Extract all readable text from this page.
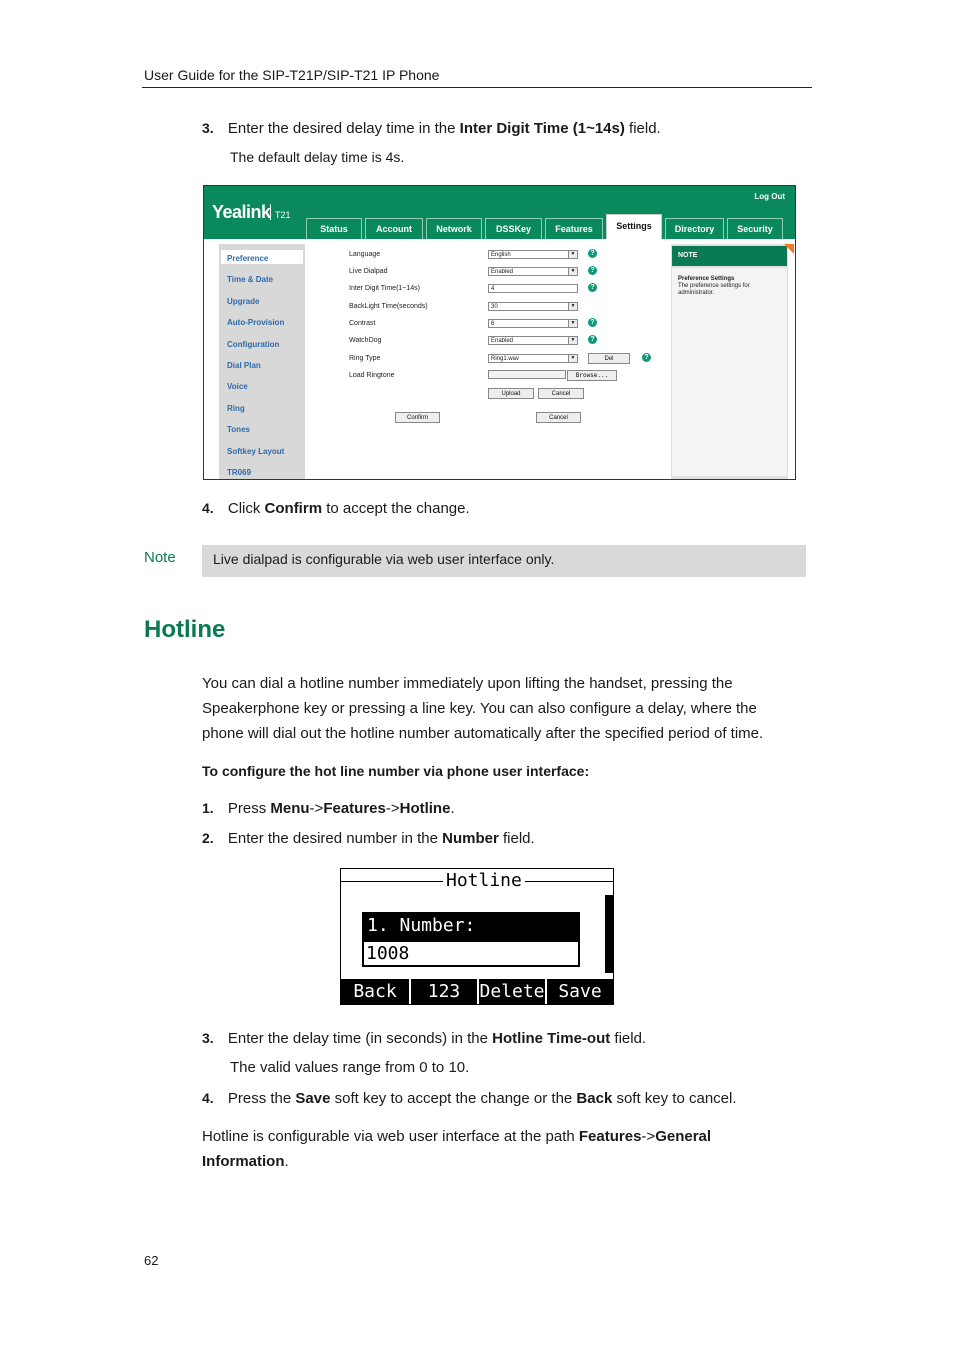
User Guide for the SIP-T21P/SIP-T21 IP Phone
3. Enter the desired delay time in the Inter Digit Time (1~14s) field.
The default delay time is 4s.
Yealink T21
Log Out
Status	Account	Network	DSSKey	Features	Settings	Directory	Security
Preference
Time & Date
Upgrade
Auto-Provision
Configuration
Dial Plan
Voice
Ring
Tones
Softkey Layout
TR069
Language	English	▼	?
Live Dialpad	Enabled	▼	?
Inter Digit Time(1~14s)	4	?
BackLight Time(seconds)	30	▼
Contrast	6	▼	?
WatchDog	Enabled	▼	?
Ring Type	Ring1.wav	▼	Del	?
Load Ringtone	Browse...
Upload	Cancel
Confirm	Cancel
NOTE
Preference Settings
The preference settings for administrator.
4. Click Confirm to accept the change.
Note	Live dialpad is configurable via web user interface only.
Hotline
You can dial a hotline number immediately upon lifting the handset, pressing the
Speakerphone key or pressing a line key. You can also configure a delay, where the
phone will dial out the hotline number automatically after the specified period of time.
To configure the hot line number via phone user interface:
1. Press Menu->Features->Hotline.
2. Enter the desired number in the Number field.
Hotline
1. Number:
1008
Back	123	Delete Save
3. Enter the delay time (in seconds) in the Hotline Time-out field.
The valid values range from 0 to 10.
4. Press the Save soft key to accept the change or the Back soft key to cancel.
Hotline is configurable via web user interface at the path Features->General
Information.
62
